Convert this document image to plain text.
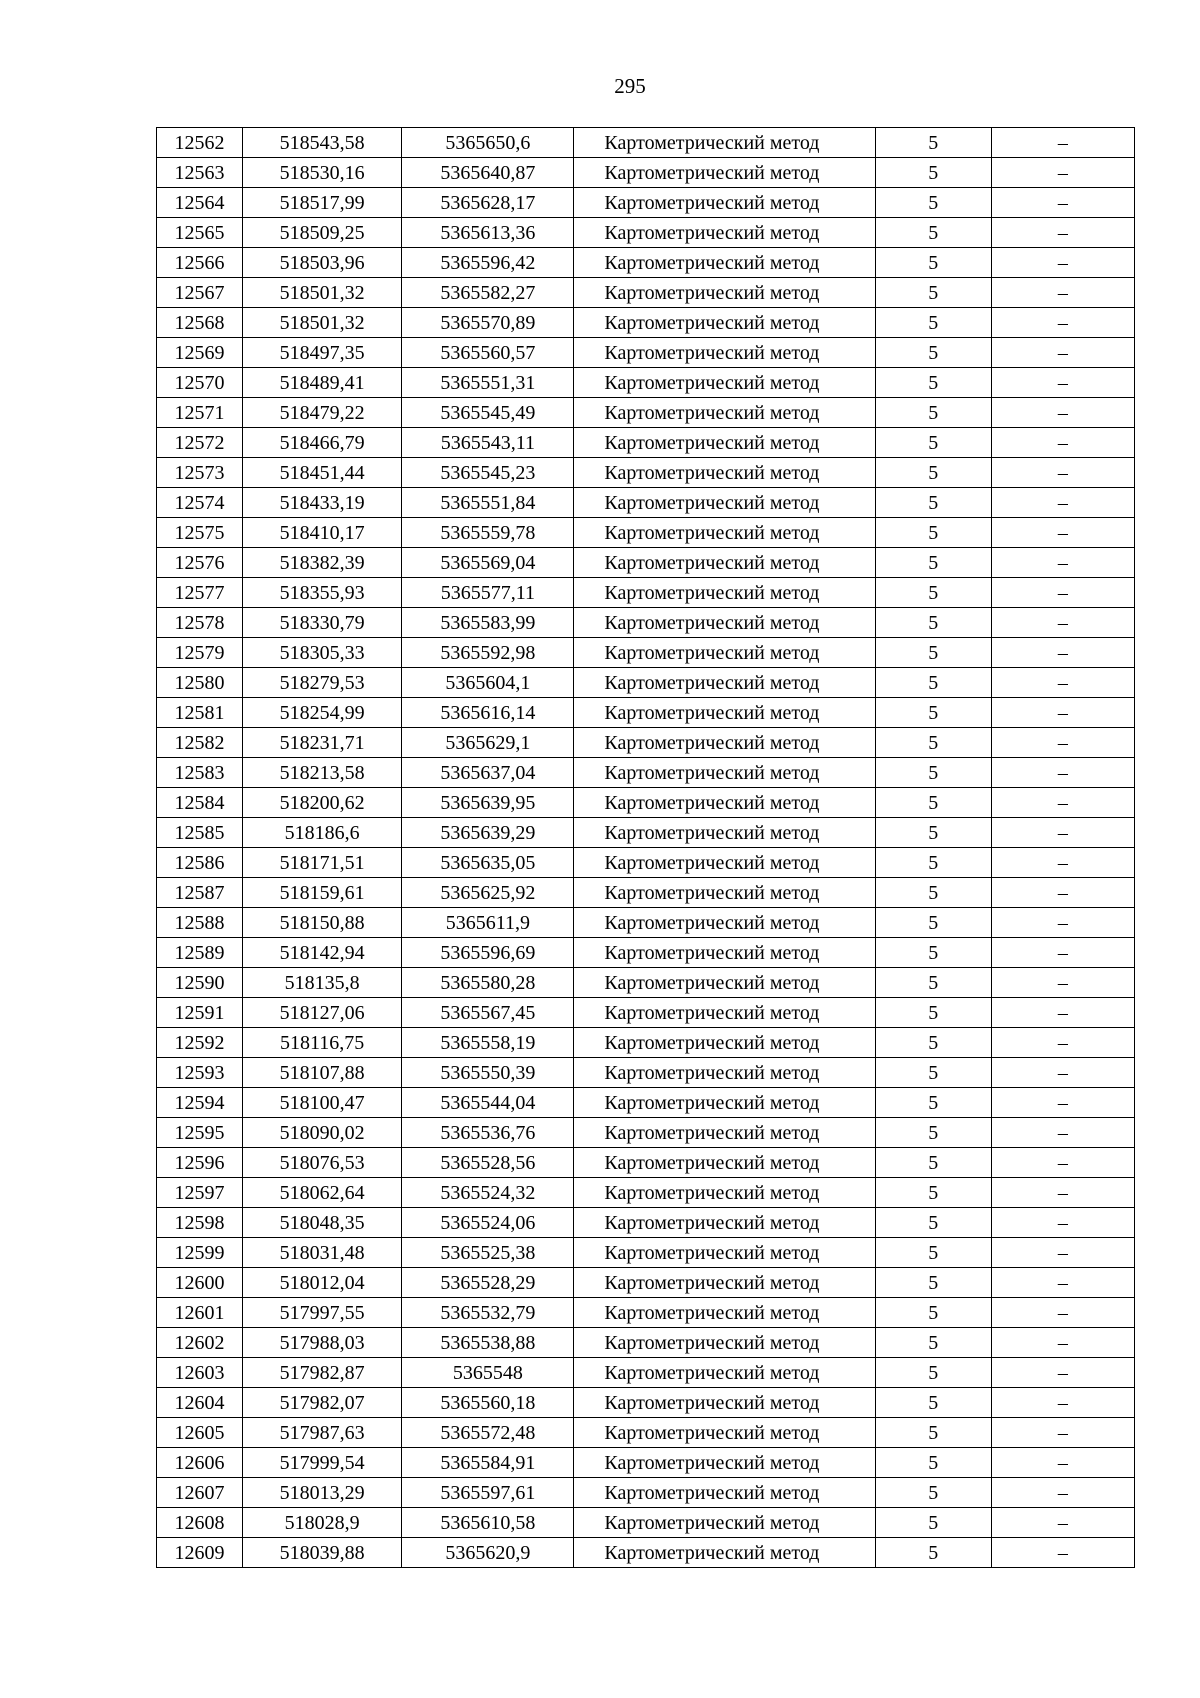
295
12562	518543,58	5365650,6	Картометрический метод	5	–
12563	518530,16	5365640,87	Картометрический метод	5	–
12564	518517,99	5365628,17	Картометрический метод	5	–
12565	518509,25	5365613,36	Картометрический метод	5	–
12566	518503,96	5365596,42	Картометрический метод	5	–
12567	518501,32	5365582,27	Картометрический метод	5	–
12568	518501,32	5365570,89	Картометрический метод	5	–
12569	518497,35	5365560,57	Картометрический метод	5	–
12570	518489,41	5365551,31	Картометрический метод	5	–
12571	518479,22	5365545,49	Картометрический метод	5	–
12572	518466,79	5365543,11	Картометрический метод	5	–
12573	518451,44	5365545,23	Картометрический метод	5	–
12574	518433,19	5365551,84	Картометрический метод	5	–
12575	518410,17	5365559,78	Картометрический метод	5	–
12576	518382,39	5365569,04	Картометрический метод	5	–
12577	518355,93	5365577,11	Картометрический метод	5	–
12578	518330,79	5365583,99	Картометрический метод	5	–
12579	518305,33	5365592,98	Картометрический метод	5	–
12580	518279,53	5365604,1	Картометрический метод	5	–
12581	518254,99	5365616,14	Картометрический метод	5	–
12582	518231,71	5365629,1	Картометрический метод	5	–
12583	518213,58	5365637,04	Картометрический метод	5	–
12584	518200,62	5365639,95	Картометрический метод	5	–
12585	518186,6	5365639,29	Картометрический метод	5	–
12586	518171,51	5365635,05	Картометрический метод	5	–
12587	518159,61	5365625,92	Картометрический метод	5	–
12588	518150,88	5365611,9	Картометрический метод	5	–
12589	518142,94	5365596,69	Картометрический метод	5	–
12590	518135,8	5365580,28	Картометрический метод	5	–
12591	518127,06	5365567,45	Картометрический метод	5	–
12592	518116,75	5365558,19	Картометрический метод	5	–
12593	518107,88	5365550,39	Картометрический метод	5	–
12594	518100,47	5365544,04	Картометрический метод	5	–
12595	518090,02	5365536,76	Картометрический метод	5	–
12596	518076,53	5365528,56	Картометрический метод	5	–
12597	518062,64	5365524,32	Картометрический метод	5	–
12598	518048,35	5365524,06	Картометрический метод	5	–
12599	518031,48	5365525,38	Картометрический метод	5	–
12600	518012,04	5365528,29	Картометрический метод	5	–
12601	517997,55	5365532,79	Картометрический метод	5	–
12602	517988,03	5365538,88	Картометрический метод	5	–
12603	517982,87	5365548	Картометрический метод	5	–
12604	517982,07	5365560,18	Картометрический метод	5	–
12605	517987,63	5365572,48	Картометрический метод	5	–
12606	517999,54	5365584,91	Картометрический метод	5	–
12607	518013,29	5365597,61	Картометрический метод	5	–
12608	518028,9	5365610,58	Картометрический метод	5	–
12609	518039,88	5365620,9	Картометрический метод	5	–
